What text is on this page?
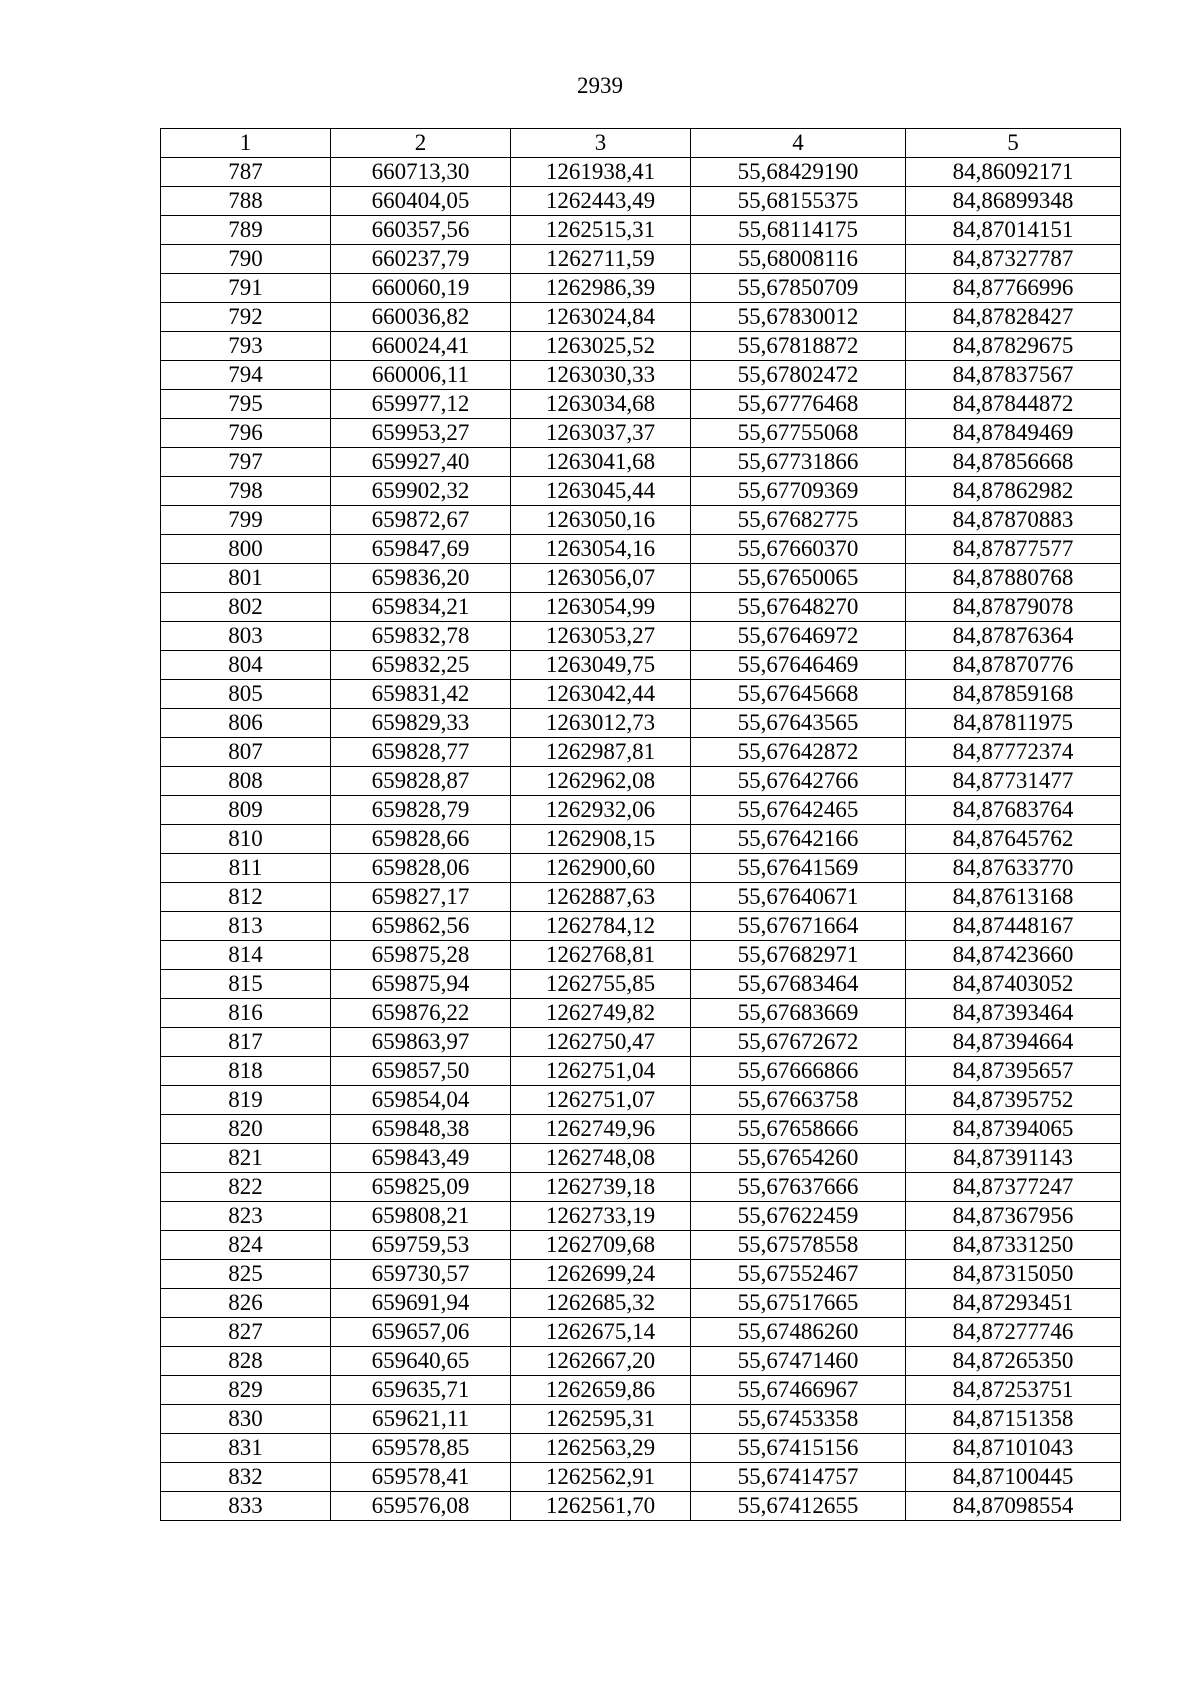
2939
1	2	3	4	5
787	660713,30	1261938,41	55,68429190	84,86092171
788	660404,05	1262443,49	55,68155375	84,86899348
789	660357,56	1262515,31	55,68114175	84,87014151
790	660237,79	1262711,59	55,68008116	84,87327787
791	660060,19	1262986,39	55,67850709	84,87766996
792	660036,82	1263024,84	55,67830012	84,87828427
793	660024,41	1263025,52	55,67818872	84,87829675
794	660006,11	1263030,33	55,67802472	84,87837567
795	659977,12	1263034,68	55,67776468	84,87844872
796	659953,27	1263037,37	55,67755068	84,87849469
797	659927,40	1263041,68	55,67731866	84,87856668
798	659902,32	1263045,44	55,67709369	84,87862982
799	659872,67	1263050,16	55,67682775	84,87870883
800	659847,69	1263054,16	55,67660370	84,87877577
801	659836,20	1263056,07	55,67650065	84,87880768
802	659834,21	1263054,99	55,67648270	84,87879078
803	659832,78	1263053,27	55,67646972	84,87876364
804	659832,25	1263049,75	55,67646469	84,87870776
805	659831,42	1263042,44	55,67645668	84,87859168
806	659829,33	1263012,73	55,67643565	84,87811975
807	659828,77	1262987,81	55,67642872	84,87772374
808	659828,87	1262962,08	55,67642766	84,87731477
809	659828,79	1262932,06	55,67642465	84,87683764
810	659828,66	1262908,15	55,67642166	84,87645762
811	659828,06	1262900,60	55,67641569	84,87633770
812	659827,17	1262887,63	55,67640671	84,87613168
813	659862,56	1262784,12	55,67671664	84,87448167
814	659875,28	1262768,81	55,67682971	84,87423660
815	659875,94	1262755,85	55,67683464	84,87403052
816	659876,22	1262749,82	55,67683669	84,87393464
817	659863,97	1262750,47	55,67672672	84,87394664
818	659857,50	1262751,04	55,67666866	84,87395657
819	659854,04	1262751,07	55,67663758	84,87395752
820	659848,38	1262749,96	55,67658666	84,87394065
821	659843,49	1262748,08	55,67654260	84,87391143
822	659825,09	1262739,18	55,67637666	84,87377247
823	659808,21	1262733,19	55,67622459	84,87367956
824	659759,53	1262709,68	55,67578558	84,87331250
825	659730,57	1262699,24	55,67552467	84,87315050
826	659691,94	1262685,32	55,67517665	84,87293451
827	659657,06	1262675,14	55,67486260	84,87277746
828	659640,65	1262667,20	55,67471460	84,87265350
829	659635,71	1262659,86	55,67466967	84,87253751
830	659621,11	1262595,31	55,67453358	84,87151358
831	659578,85	1262563,29	55,67415156	84,87101043
832	659578,41	1262562,91	55,67414757	84,87100445
833	659576,08	1262561,70	55,67412655	84,87098554
